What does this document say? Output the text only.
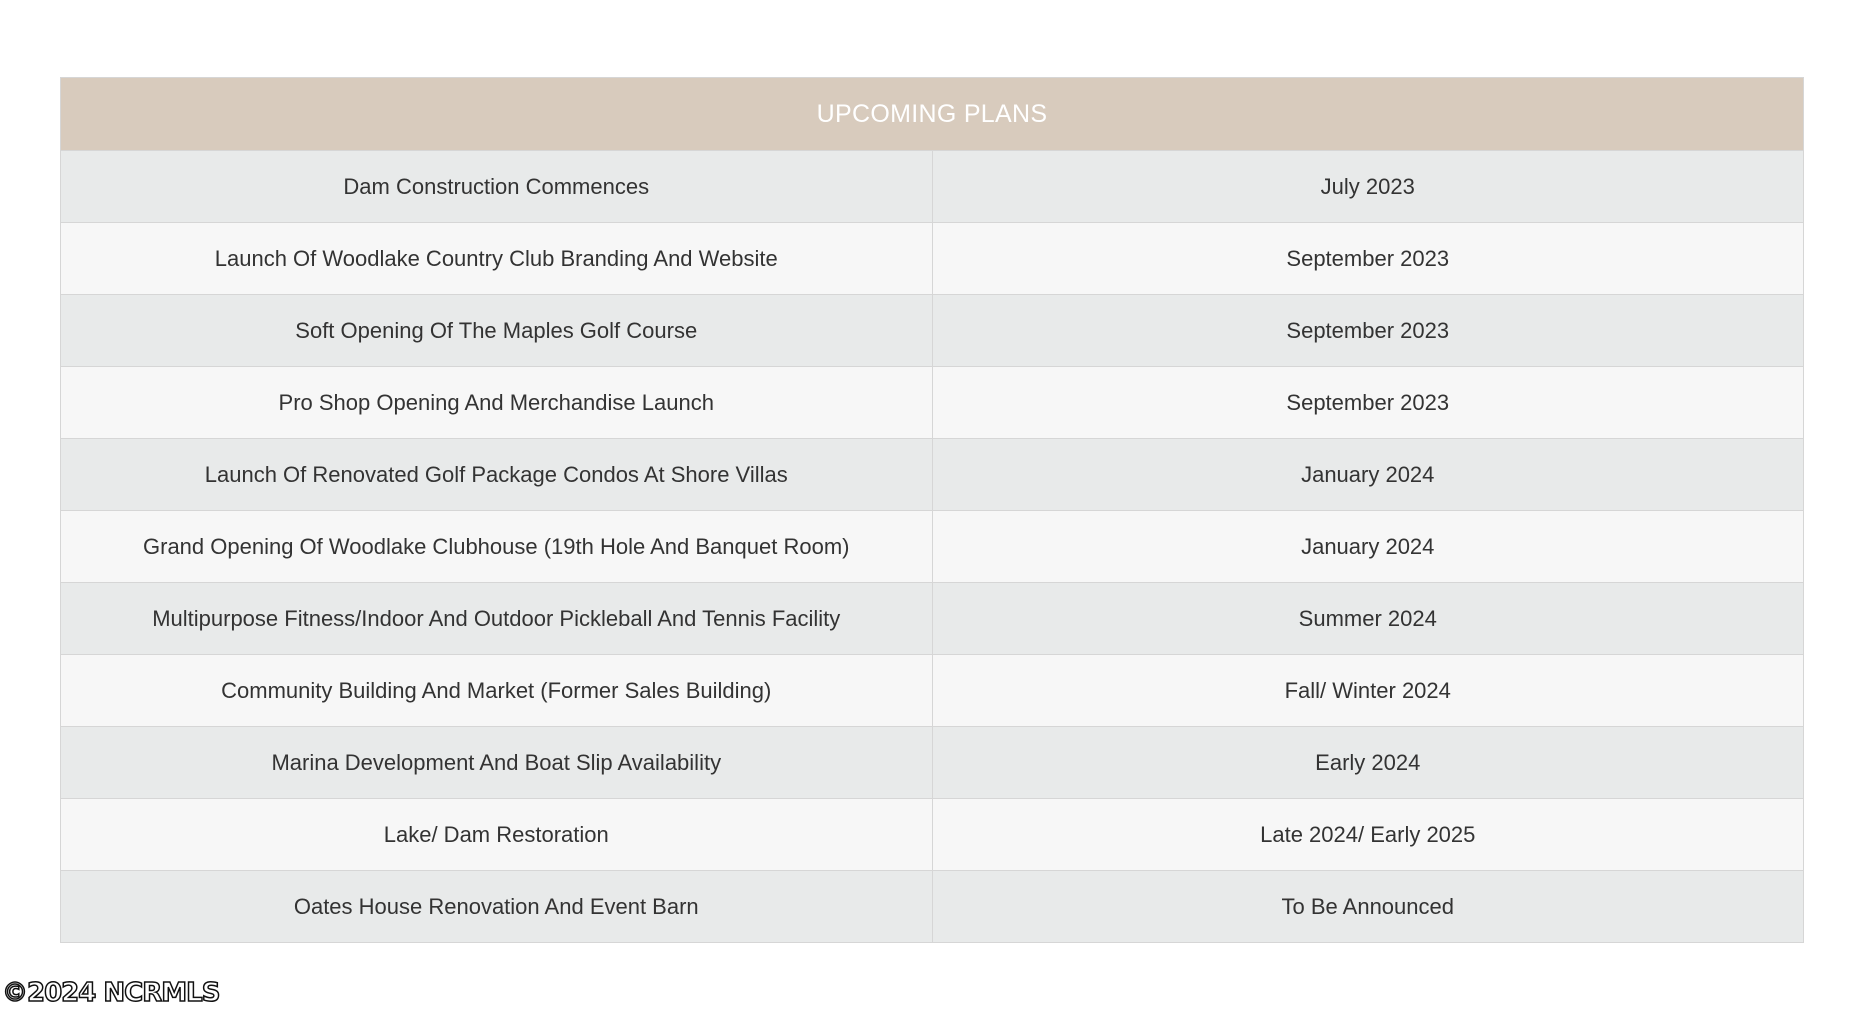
UPCOMING PLANS
Dam Construction Commences	July 2023
Launch Of Woodlake Country Club Branding And Website	September 2023
Soft Opening Of The Maples Golf Course	September 2023
Pro Shop Opening And Merchandise Launch	September 2023
Launch Of Renovated Golf Package Condos At Shore Villas	January 2024
Grand Opening Of Woodlake Clubhouse (19th Hole And Banquet Room)	January 2024
Multipurpose Fitness/Indoor And Outdoor Pickleball And Tennis Facility	Summer 2024
Community Building And Market (Former Sales Building)	Fall/ Winter 2024
Marina Development And Boat Slip Availability	Early 2024
Lake/ Dam Restoration	Late 2024/ Early 2025
Oates House Renovation And Event Barn	To Be Announced
©2024 NCRMLS
